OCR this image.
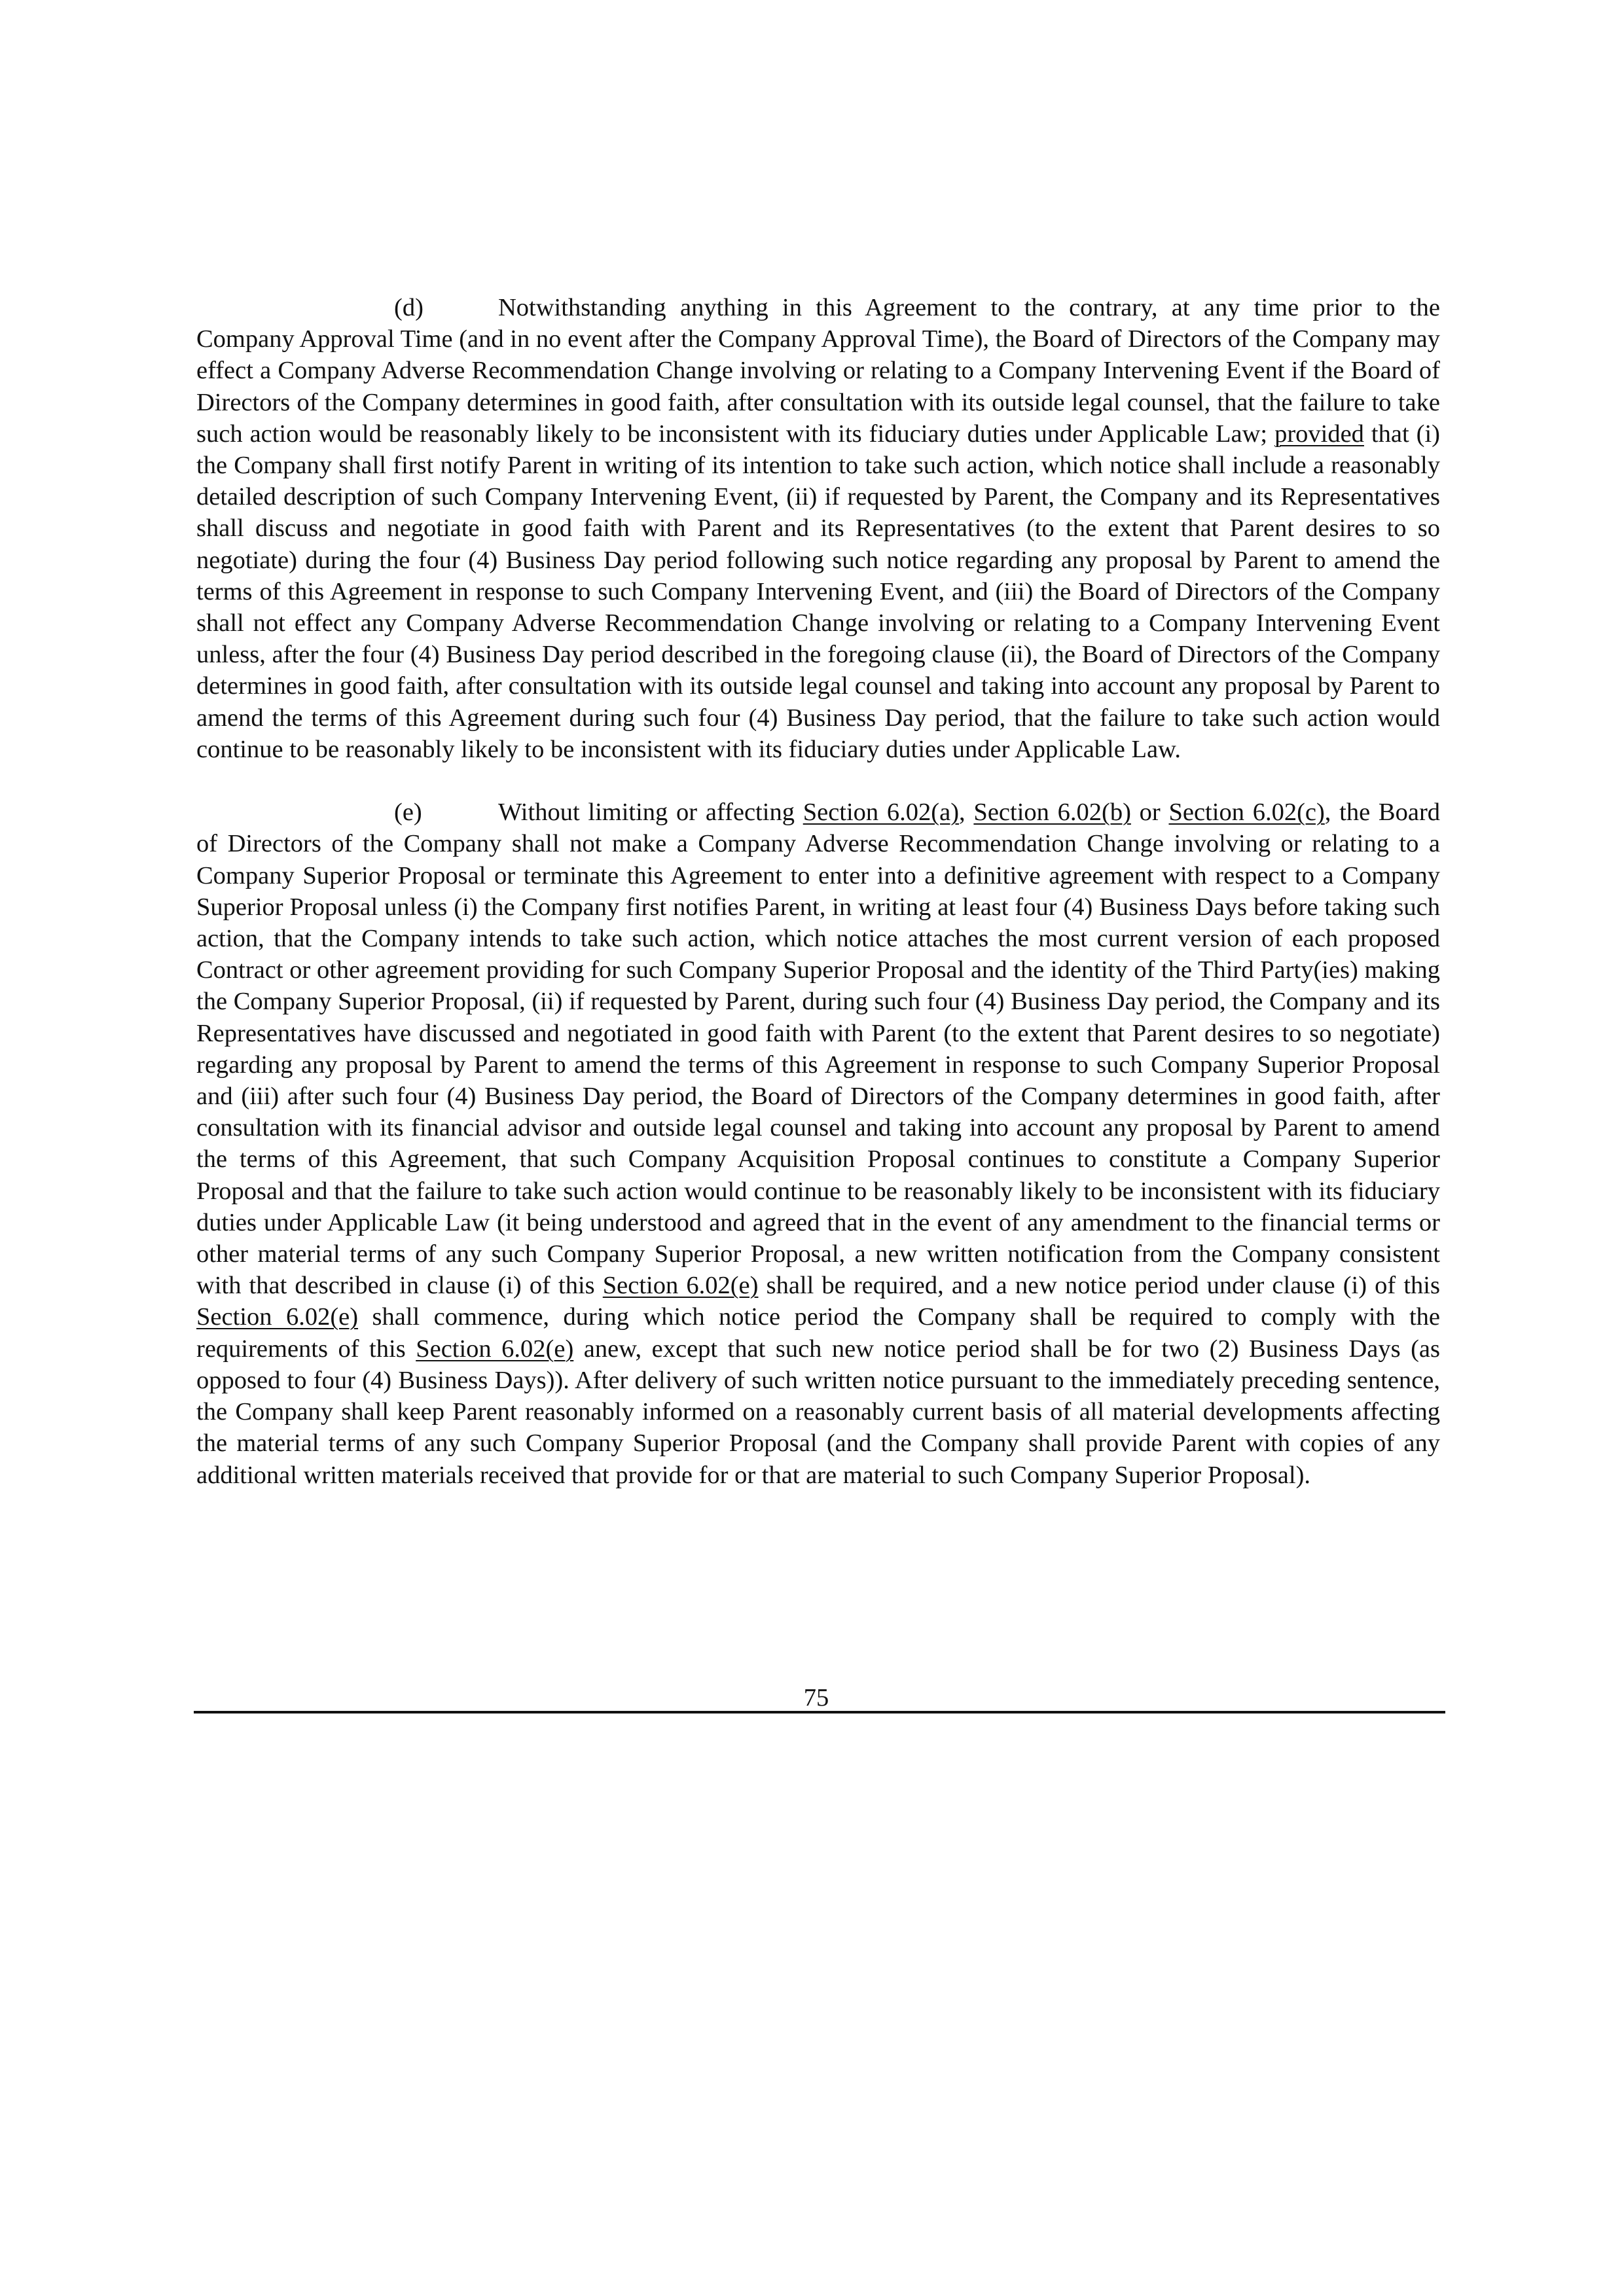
(d)	Notwithstanding anything in this Agreement to the contrary, at any time prior to the Company Approval Time (and in no event after the Company Approval Time), the Board of Directors of the Company may effect a Company Adverse Recommendation Change involving or relating to a Company Intervening Event if the Board of Directors of the Company determines in good faith, after consultation with its outside legal counsel, that the failure to take such action would be reasonably likely to be inconsistent with its fiduciary duties under Applicable Law; provided that (i) the Company shall first notify Parent in writing of its intention to take such action, which notice shall include a reasonably detailed description of such Company Intervening Event, (ii) if requested by Parent, the Company and its Representatives shall discuss and negotiate in good faith with Parent and its Representatives (to the extent that Parent desires to so negotiate) during the four (4) Business Day period following such notice regarding any proposal by Parent to amend the terms of this Agreement in response to such Company Intervening Event, and (iii) the Board of Directors of the Company shall not effect any Company Adverse Recommendation Change involving or relating to a Company Intervening Event unless, after the four (4) Business Day period described in the foregoing clause (ii), the Board of Directors of the Company determines in good faith, after consultation with its outside legal counsel and taking into account any proposal by Parent to amend the terms of this Agreement during such four (4) Business Day period, that the failure to take such action would continue to be reasonably likely to be inconsistent with its fiduciary duties under Applicable Law.

(e)	Without limiting or affecting Section 6.02(a), Section 6.02(b) or Section 6.02(c), the Board of Directors of the Company shall not make a Company Adverse Recommendation Change involving or relating to a Company Superior Proposal or terminate this Agreement to enter into a definitive agreement with respect to a Company Superior Proposal unless (i) the Company first notifies Parent, in writing at least four (4) Business Days before taking such action, that the Company intends to take such action, which notice attaches the most current version of each proposed Contract or other agreement providing for such Company Superior Proposal and the identity of the Third Party(ies) making the Company Superior Proposal, (ii) if requested by Parent, during such four (4) Business Day period, the Company and its Representatives have discussed and negotiated in good faith with Parent (to the extent that Parent desires to so negotiate) regarding any proposal by Parent to amend the terms of this Agreement in response to such Company Superior Proposal and (iii) after such four (4) Business Day period, the Board of Directors of the Company determines in good faith, after consultation with its financial advisor and outside legal counsel and taking into account any proposal by Parent to amend the terms of this Agreement, that such Company Acquisition Proposal continues to constitute a Company Superior Proposal and that the failure to take such action would continue to be reasonably likely to be inconsistent with its fiduciary duties under Applicable Law (it being understood and agreed that in the event of any amendment to the financial terms or other material terms of any such Company Superior Proposal, a new written notification from the Company consistent with that described in clause (i) of this Section 6.02(e) shall be required, and a new notice period under clause (i) of this Section 6.02(e) shall commence, during which notice period the Company shall be required to comply with the requirements of this Section 6.02(e) anew, except that such new notice period shall be for two (2) Business Days (as opposed to four (4) Business Days)). After delivery of such written notice pursuant to the immediately preceding sentence, the Company shall keep Parent reasonably informed on a reasonably current basis of all material developments affecting the material terms of any such Company Superior Proposal (and the Company shall provide Parent with copies of any additional written materials received that provide for or that are material to such Company Superior Proposal).

75
